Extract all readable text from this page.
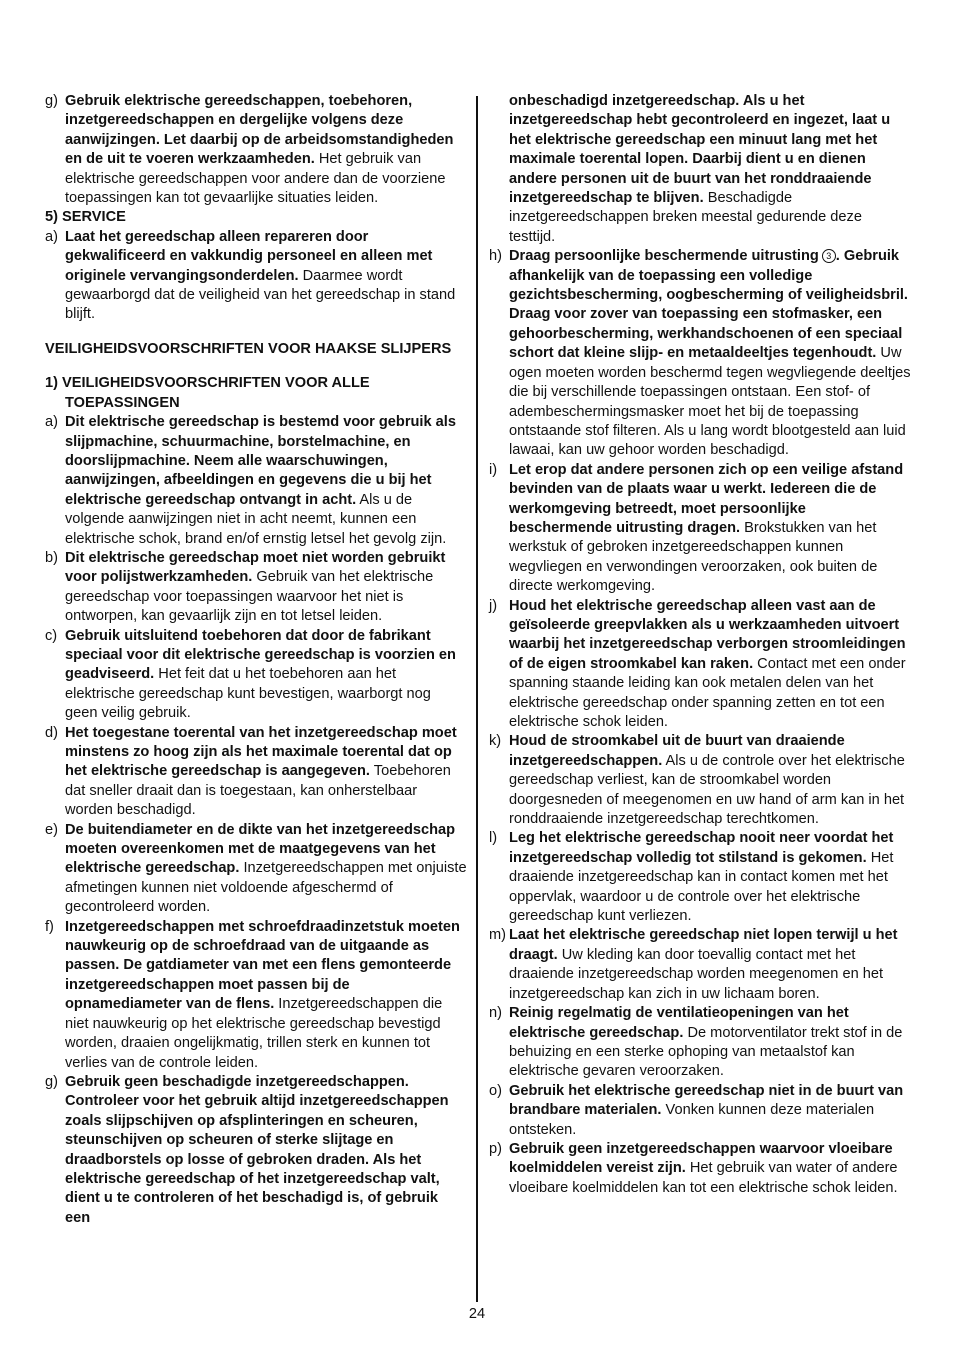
g) Gebruik elektrische gereedschappen, toebehoren, inzetgereedschappen en dergelijke volgens deze aanwijzingen. Let daarbij op de arbeidsomstandigheden en de uit te voeren werkzaamheden. Het gebruik van elektrische gereedschappen voor andere dan de voorziene toepassingen kan tot gevaarlijke situaties leiden.
5) SERVICE
a) Laat het gereedschap alleen repareren door gekwalificeerd en vakkundig personeel en alleen met originele vervangingsonderdelen. Daarmee wordt gewaarborgd dat de veiligheid van het gereedschap in stand blijft.
VEILIGHEIDSVOORSCHRIFTEN VOOR HAAKSE SLIJPERS
1) VEILIGHEIDSVOORSCHRIFTEN VOOR ALLE TOEPASSINGEN
a) Dit elektrische gereedschap is bestemd voor gebruik als slijpmachine, schuurmachine, borstelmachine, en doorslijpmachine. Neem alle waarschuwingen, aanwijzingen, afbeeldingen en gegevens die u bij het elektrische gereedschap ontvangt in acht. Als u de volgende aanwijzingen niet in acht neemt, kunnen een elektrische schok, brand en/of ernstig letsel het gevolg zijn.
b) Dit elektrische gereedschap moet niet worden gebruikt voor polijstwerkzamheden. Gebruik van het elektrische gereedschap voor toepassingen waarvoor het niet is ontworpen, kan gevaarlijk zijn en tot letsel leiden.
c) Gebruik uitsluitend toebehoren dat door de fabrikant speciaal voor dit elektrische gereedschap is voorzien en geadviseerd. Het feit dat u het toebehoren aan het elektrische gereedschap kunt bevestigen, waarborgt nog geen veilig gebruik.
d) Het toegestane toerental van het inzetgereedschap moet minstens zo hoog zijn als het maximale toerental dat op het elektrische gereedschap is aangegeven. Toebehoren dat sneller draait dan is toegestaan, kan onherstelbaar worden beschadigd.
e) De buitendiameter en de dikte van het inzetgereedschap moeten overeenkomen met de maatgegevens van het elektrische gereedschap. Inzetgereedschappen met onjuiste afmetingen kunnen niet voldoende afgeschermd of gecontroleerd worden.
f) Inzetgereedschappen met schroefdraadinzetstuk moeten nauwkeurig op de schroefdraad van de uitgaande as passen. De gatdiameter van met een flens gemonteerde inzetgereedschappen moet passen bij de opnamediameter van de flens. Inzetgereedschappen die niet nauwkeurig op het elektrische gereedschap bevestigd worden, draaien ongelijkmatig, trillen sterk en kunnen tot verlies van de controle leiden.
g) Gebruik geen beschadigde inzetgereedschappen. Controleer voor het gebruik altijd inzetgereedschappen zoals slijpschijven op afsplinteringen en scheuren, steunschijven op scheuren of sterke slijtage en draadborstels op losse of gebroken draden. Als het elektrische gereedschap of het inzetgereedschap valt, dient u te controleren of het beschadigd is, of gebruik een
onbeschadigd inzetgereedschap. Als u het inzetgereedschap hebt gecontroleerd en ingezet, laat u het elektrische gereedschap een minuut lang met het maximale toerental lopen. Daarbij dient u en dienen andere personen uit de buurt van het ronddraaiende inzetgereedschap te blijven. Beschadigde inzetgereedschappen breken meestal gedurende deze testtijd.
h) Draag persoonlijke beschermende uitrusting 3 . Gebruik afhankelijk van de toepassing een volledige gezichtsbescherming, oogbescherming of veiligheidsbril. Draag voor zover van toepassing een stofmasker, een gehoorbescherming, werkhandschoenen of een speciaal schort dat kleine slijp- en metaaldeeltjes tegenhoudt. Uw ogen moeten worden beschermd tegen wegvliegende deeltjes die bij verschillende toepassingen ontstaan. Een stof- of adembeschermingsmasker moet het bij de toepassing ontstaande stof filteren. Als u lang wordt blootgesteld aan luid lawaai, kan uw gehoor worden beschadigd.
i) Let erop dat andere personen zich op een veilige afstand bevinden van de plaats waar u werkt. Iedereen die de werkomgeving betreedt, moet persoonlijke beschermende uitrusting dragen. Brokstukken van het werkstuk of gebroken inzetgereedschappen kunnen wegvliegen en verwondingen veroorzaken, ook buiten de directe werkomgeving.
j) Houd het elektrische gereedschap alleen vast aan de geïsoleerde greepvlakken als u werkzaamheden uitvoert waarbij het inzetgereedschap verborgen stroomleidingen of de eigen stroomkabel kan raken. Contact met een onder spanning staande leiding kan ook metalen delen van het elektrische gereedschap onder spanning zetten en tot een elektrische schok leiden.
k) Houd de stroomkabel uit de buurt van draaiende inzetgereedschappen. Als u de controle over het elektrische gereedschap verliest, kan de stroomkabel worden doorgesneden of meegenomen en uw hand of arm kan in het ronddraaiende inzetgereedschap terechtkomen.
l) Leg het elektrische gereedschap nooit neer voordat het inzetgereedschap volledig tot stilstand is gekomen. Het draaiende inzetgereedschap kan in contact komen met het oppervlak, waardoor u de controle over het elektrische gereedschap kunt verliezen.
m) Laat het elektrische gereedschap niet lopen terwijl u het draagt. Uw kleding kan door toevallig contact met het draaiende inzetgereedschap worden meegenomen en het inzetgereedschap kan zich in uw lichaam boren.
n) Reinig regelmatig de ventilatieopeningen van het elektrische gereedschap. De motorventilator trekt stof in de behuizing en een sterke ophoping van metaalstof kan elektrische gevaren veroorzaken.
o) Gebruik het elektrische gereedschap niet in de buurt van brandbare materialen. Vonken kunnen deze materialen ontsteken.
p) Gebruik geen inzetgereedschappen waarvoor vloeibare koelmiddelen vereist zijn. Het gebruik van water of andere vloeibare koelmiddelen kan tot een elektrische schok leiden.
24
